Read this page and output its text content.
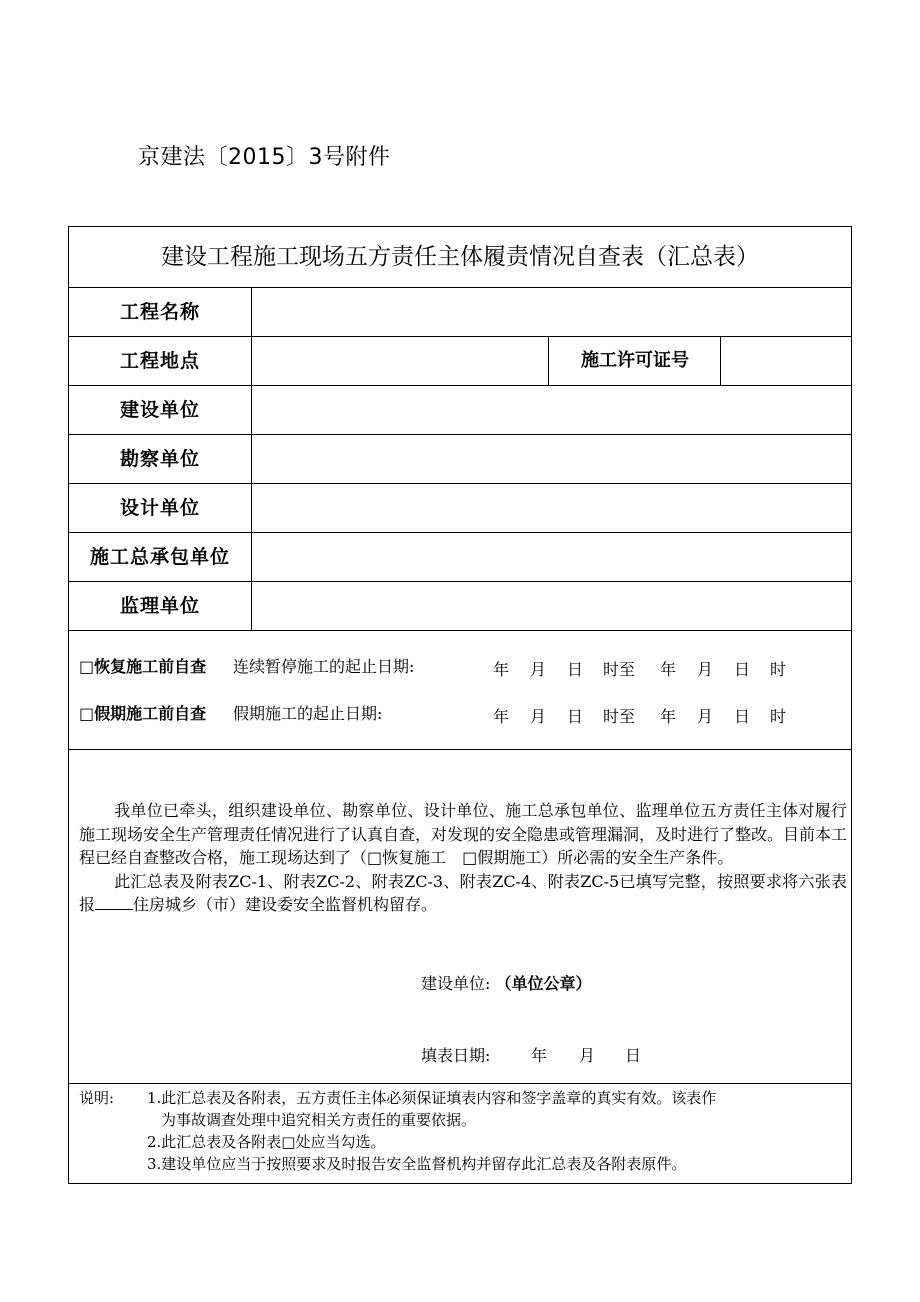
京建法〔2015〕3号附件
建设工程施工现场五方责任主体履责情况自查表（汇总表）
工程名称
工程地点	施工许可证号
建设单位
勘察单位
设计单位
施工总承包单位
监理单位
□恢复施工前自查 连续暂停施工的起止日期:	年 月 日 时至 年 月 日 时
□假期施工前自查 假期施工的起止日期:	年 月 日 时至 年 月 日 时

我单位已牵头，组织建设单位、勘察单位、设计单位、施工总承包单位、监理单位五方责任主体对履行施工现场安全生产管理责任情况进行了认真自查，对发现的安全隐患或管理漏洞，及时进行了整改。目前本工程已经自查整改合格，施工现场达到了（□恢复施工　□假期施工）所必需的安全生产条件。

此汇总表及附表ZC-1、附表ZC-2、附表ZC-3、附表ZC-4、附表ZC-5已填写完整，按照要求将六张表报 住房城乡（市）建设委安全监督机构留存。

建设单位: （单位公章）
填表日期:	年 月 日
说明: 1.此汇总表及各附表，五方责任主体必须保证填表内容和签字盖章的真实有效。该表作
为事故调查处理中追究相关方责任的重要依据。
2.此汇总表及各附表□处应当勾选。
3.建设单位应当于按照要求及时报告安全监督机构并留存此汇总表及各附表原件。
